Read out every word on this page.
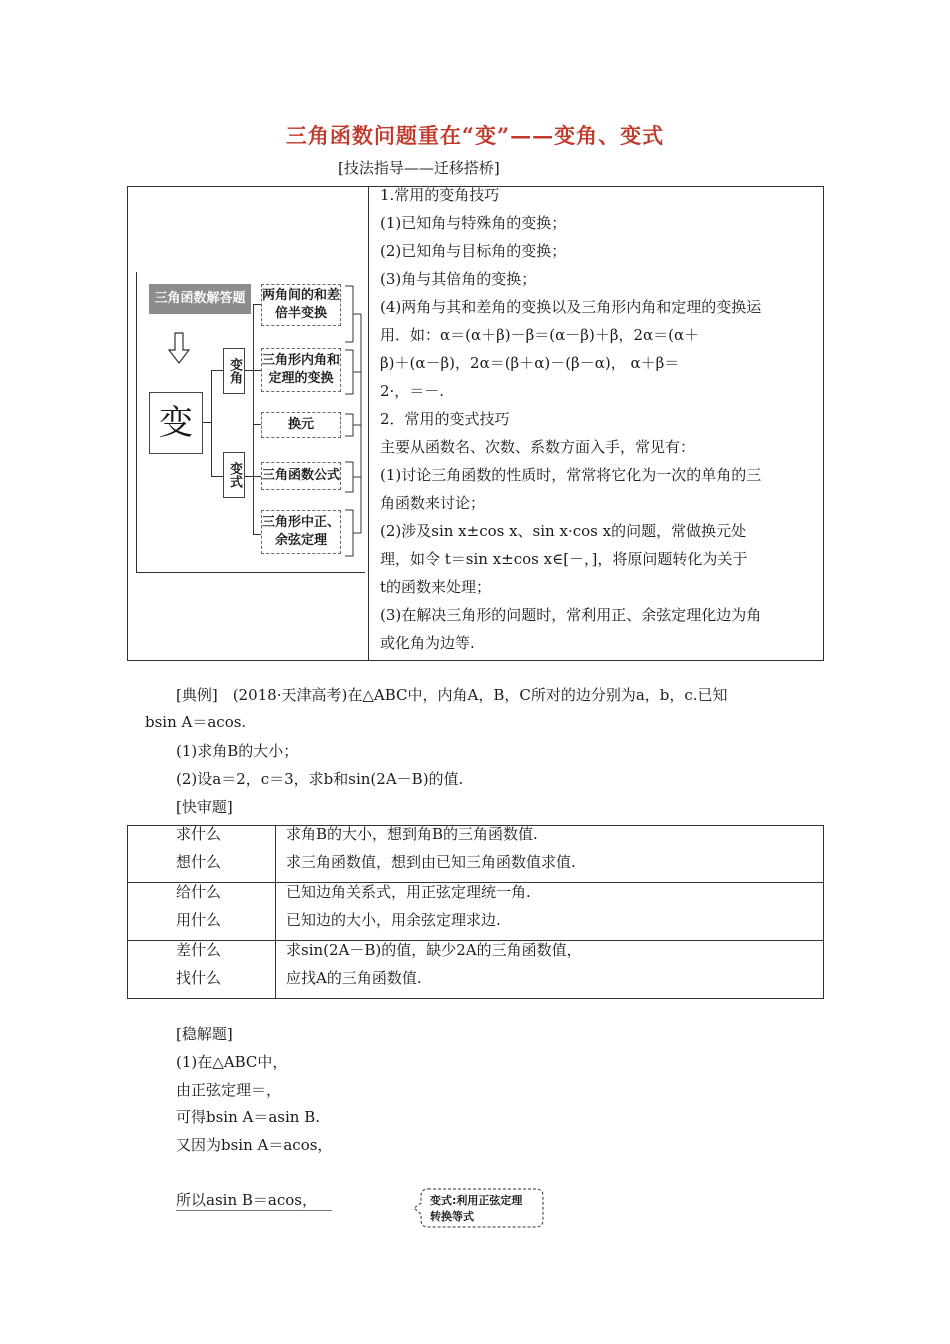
三角函数问题重在“变”——变角、变式
[技法指导——迁移搭桥]
三角函数解答题
变
变角
变式
两角间的和差倍半变换
三角形内角和定理的变换
换元
三角函数公式
三角形中正、余弦定理
1.常用的变角技巧
(1)已知角与特殊角的变换；
(2)已知角与目标角的变换；
(3)角与其倍角的变换；
(4)两角与其和差角的变换以及三角形内角和定理的变换运
用．如：α＝(α＋β)－β＝(α－β)＋β，2α＝(α＋
β)＋(α－β)，2α＝(β＋α)－(β－α)， α＋β＝
2·，＝－.
2．常用的变式技巧
主要从函数名、次数、系数方面入手，常见有：
(1)讨论三角函数的性质时，常常将它化为一次的单角的三
角函数来讨论；
(2)涉及sin x±cos x、sin x·cos x的问题，常做换元处
理，如令 t＝sin x±cos x∈[－，]，将原问题转化为关于
t的函数来处理；
(3)在解决三角形的问题时，常利用正、余弦定理化边为角
或化角为边等.
[典例]　(2018·天津高考)在△ABC中，内角A，B，C所对的边分别为a，b，c.已知
bsin A＝acos.
(1)求角B的大小；
(2)设a＝2，c＝3，求b和sin(2A－B)的值.
[快审题]
求什么
想什么
求角B的大小，想到角B的三角函数值.
求三角函数值，想到由已知三角函数值求值.
给什么
用什么
已知边角关系式，用正弦定理统一角.
已知边的大小，用余弦定理求边.
差什么
找什么
求sin(2A－B)的值，缺少2A的三角函数值，
应找A的三角函数值.
[稳解题]
(1)在△ABC中，
由正弦定理＝，
可得bsin A＝asin B.
又因为bsin A＝acos，
所以asin B＝acos，	变式:利用正弦定理
转换等式
